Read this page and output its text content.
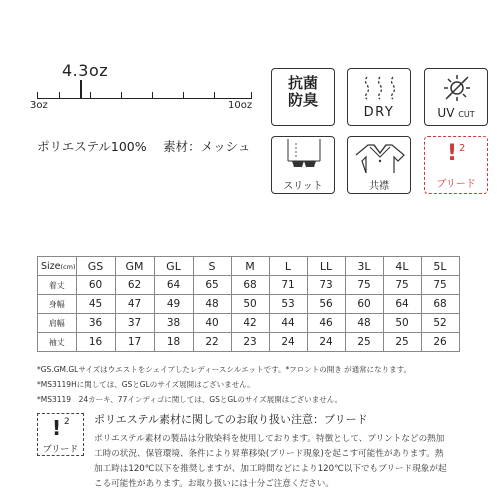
4.3oz
3oz	10oz
ポリエステル100%　 素材：メッシュ
抗菌
防臭
DRY	UV CUT
スリット	共襟
! 2
ブリード
Size(cm)	GS	GM	GL	S	M	L	LL	3L	4L	5L
着丈	60	62	64	65	68	71	73	75	75	75
身幅	45	47	49	48	50	53	56	60	64	68
肩幅	36	37	38	40	42	44	46	48	50	52
袖丈	16	17	18	22	23	24	24	25	25	26
*GS.GM.GLサイズはウエストをシェイプしたレディースシルエットです。*フロントの開き が通常になります。
*MS3119Hに関しては、GSとGLのサイズ展開はございません。
*MS3119　24カーキ、77インディゴに関しては、GSとGLのサイズ展開はございません。
! 2
ブリード
ポリエステル素材に関してのお取り扱い注意：ブリード
ポリエステル素材の製品は分散染料を使用しております。特徴として、プリントなどの熱加
工時の状況、保管環境、条件により昇華移染(ブリード現象)を起こす可能性があります。熱
加工時は120℃以下を推奨しますが、加工時間などにより120℃以下でもブリード現象が起
こる可能性があります。お取り扱いには十分ご注意ください。
